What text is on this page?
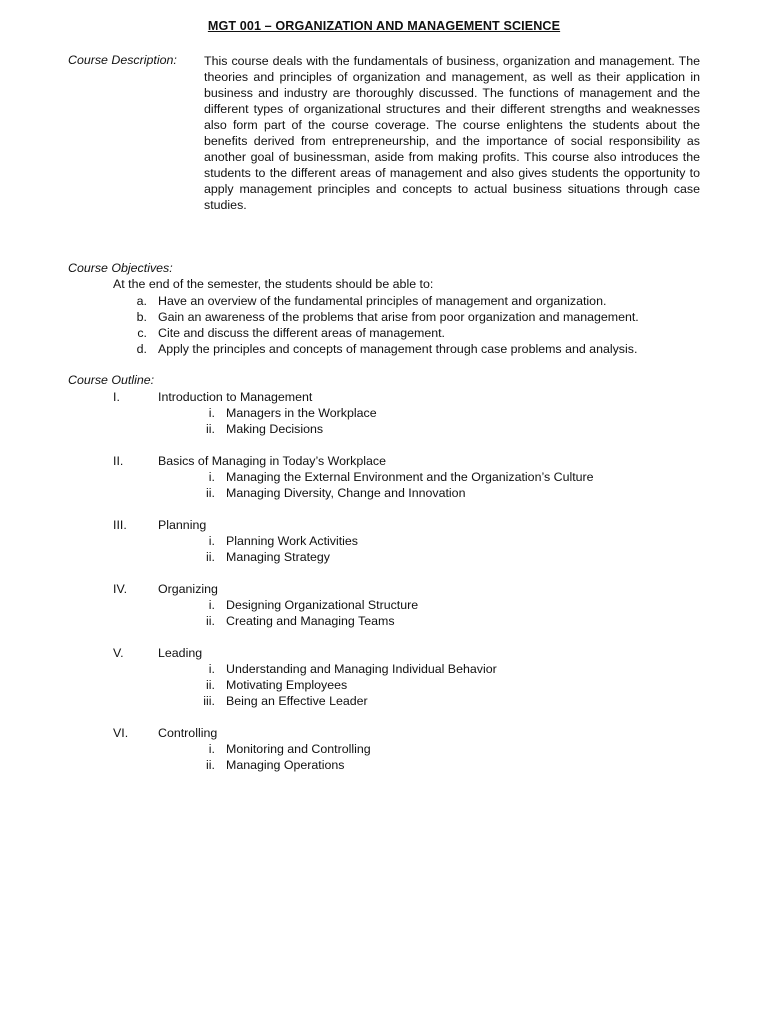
MGT 001 – ORGANIZATION AND MANAGEMENT SCIENCE
Course Description: This course deals with the fundamentals of business, organization and management. The theories and principles of organization and management, as well as their application in business and industry are thoroughly discussed. The functions of management and the different types of organizational structures and their different strengths and weaknesses also form part of the course coverage. The course enlightens the students about the benefits derived from entrepreneurship, and the importance of social responsibility as another goal of businessman, aside from making profits. This course also introduces the students to the different areas of management and also gives students the opportunity to apply management principles and concepts to actual business situations through case studies.
Course Objectives:
At the end of the semester, the students should be able to:
a. Have an overview of the fundamental principles of management and organization.
b. Gain an awareness of the problems that arise from poor organization and management.
c. Cite and discuss the different areas of management.
d. Apply the principles and concepts of management through case problems and analysis.
Course Outline:
I.	Introduction to Management
i. Managers in the Workplace
ii. Making Decisions
II.	Basics of Managing in Today’s Workplace
i. Managing the External Environment and the Organization’s Culture
ii. Managing Diversity, Change and Innovation
III.	Planning
i. Planning Work Activities
ii. Managing Strategy
IV. Organizing
i. Designing Organizational Structure
ii. Creating and Managing Teams
V.	Leading
i. Understanding and Managing Individual Behavior
ii. Motivating Employees
iii. Being an Effective Leader
VI. Controlling
i. Monitoring and Controlling
ii. Managing Operations
